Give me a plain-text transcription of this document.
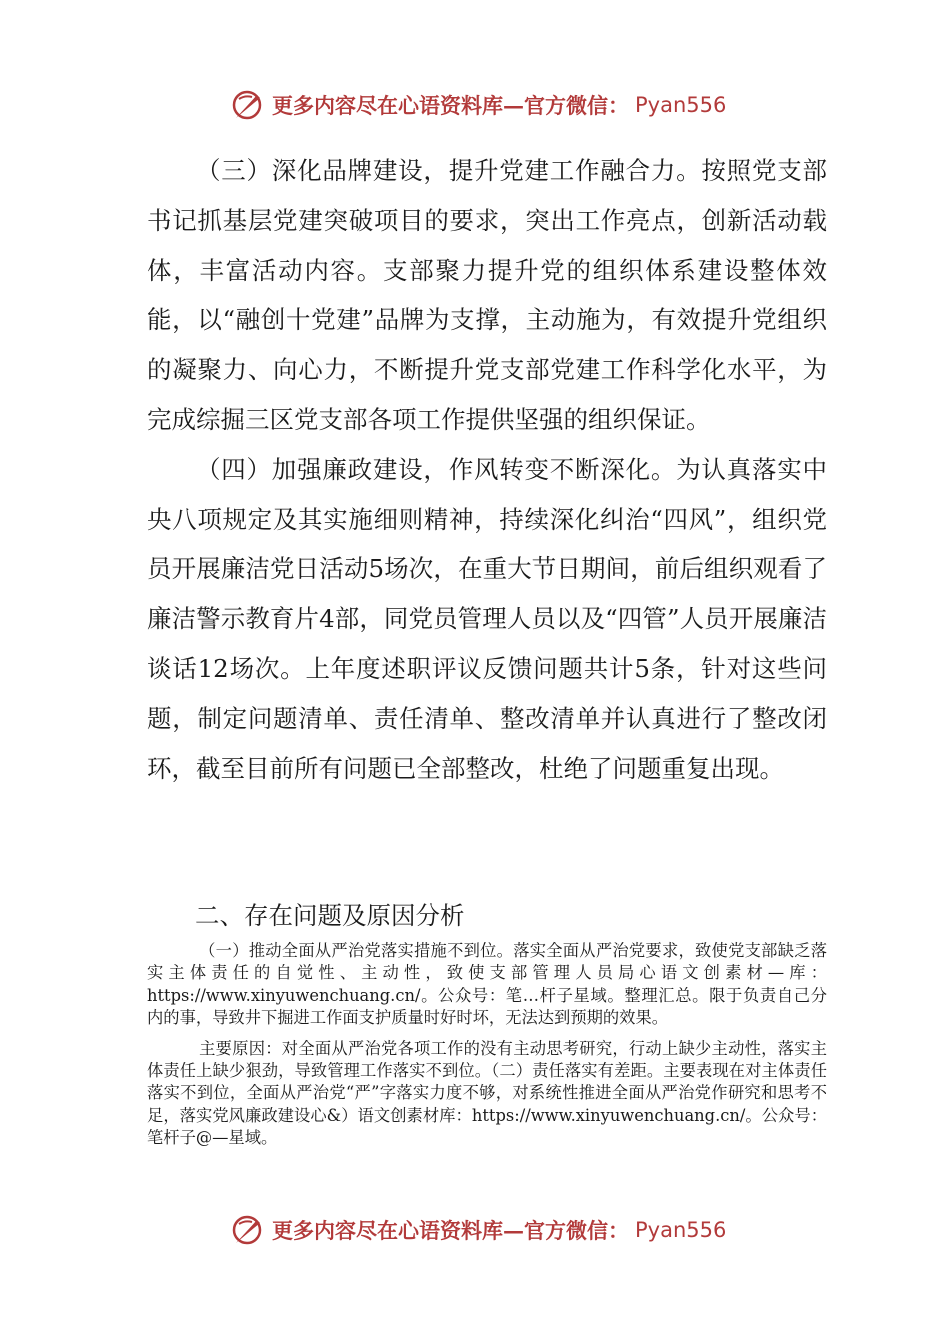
更多内容尽在心语资料库—官方微信： Pyan556

（三）深化品牌建设，提升党建工作融合力。按照党支部书记抓基层党建突破项目的要求，突出工作亮点，创新活动载体，丰富活动内容。支部聚力提升党的组织体系建设整体效能，以“融创十党建”品牌为支撑，主动施为，有效提升党组织的凝聚力、向心力，不断提升党支部党建工作科学化水平，为完成综掘三区党支部各项工作提供坚强的组织保证。

（四）加强廉政建设，作风转变不断深化。为认真落实中央八项规定及其实施细则精神，持续深化纠治“四风”，组织党员开展廉洁党日活动5场次，在重大节日期间，前后组织观看了廉洁警示教育片4部，同党员管理人员以及“四管”人员开展廉洁谈话12场次。上年度述职评议反馈问题共计5条，针对这些问题，制定问题清单、责任清单、整改清单并认真进行了整改闭环，截至目前所有问题已全部整改，杜绝了问题重复出现。

二、存在问题及原因分析

（一）推动全面从严治党落实措施不到位。落实全面从严治党要求，致使党支部缺乏落实主体责任的自觉性、主动性，致使支部管理人员局心语文创素材—库：https://www.xinyuwenchuang.cn/。公众号：笔…杆子星域。整理汇总。限于负责自己分内的事，导致井下掘进工作面支护质量时好时坏，无法达到预期的效果。

主要原因：对全面从严治党各项工作的没有主动思考研究，行动上缺少主动性，落实主体责任上缺少狠劲，导致管理工作落实不到位。（二）责任落实有差距。主要表现在对主体责任落实不到位，全面从严治党“严”字落实力度不够，对系统性推进全面从严治党作研究和思考不足，落实党风廉政建设心&）语文创素材库：https://www.xinyuwenchuang.cn/。公众号：笔杆子@—星域。

更多内容尽在心语资料库—官方微信： Pyan556
